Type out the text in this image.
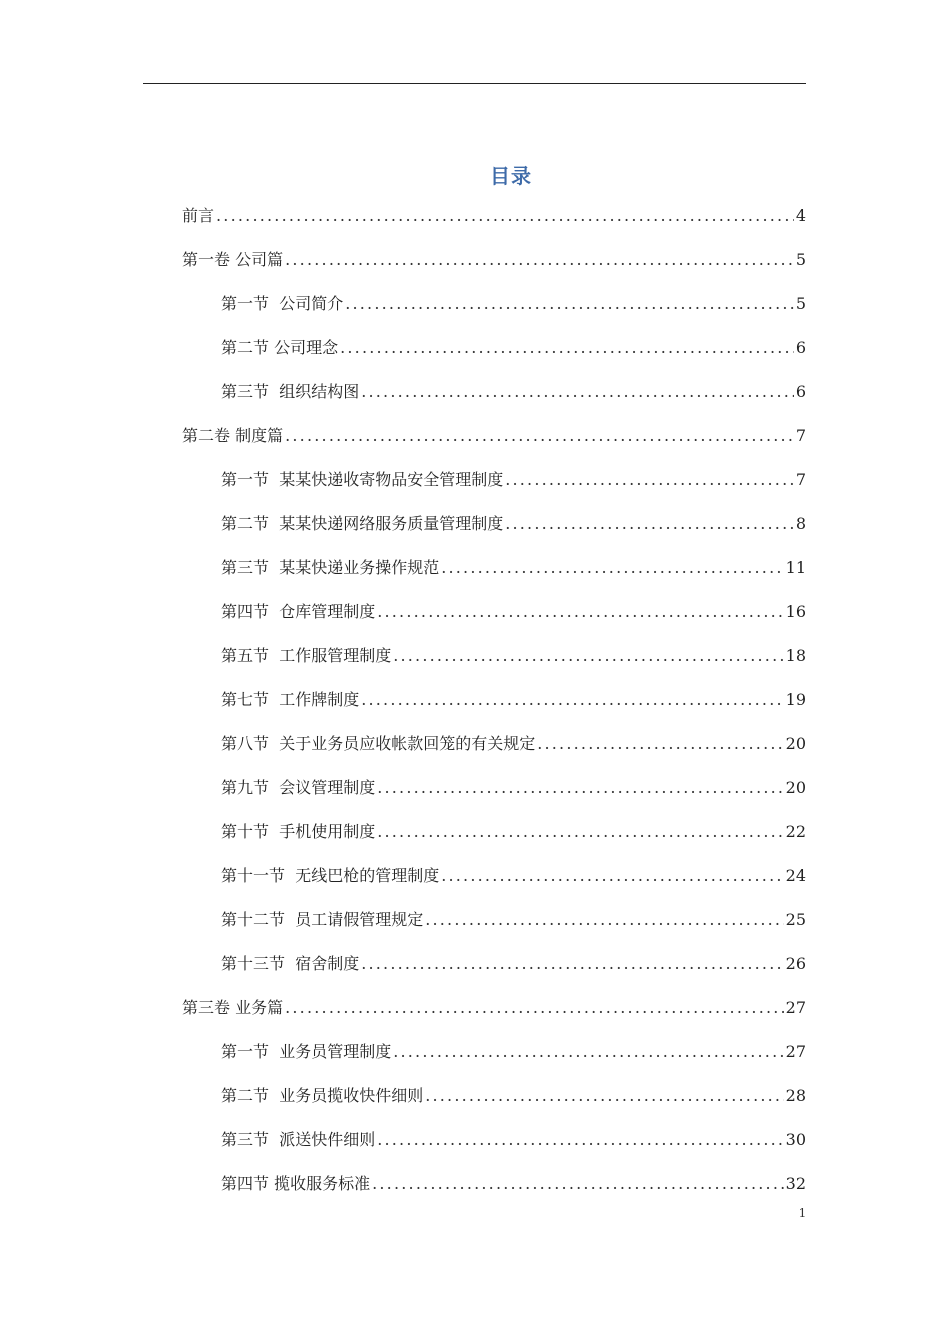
目录
前言 .....	4
第一卷 公司篇 .....	5
第一节 公司简介 .....	5
第二节 公司理念 .....	6
第三节 组织结构图 .....	6
第二卷 制度篇 .....	7
第一节 某某快递收寄物品安全管理制度 .....	7
第二节 某某快递网络服务质量管理制度 .....	8
第三节 某某快递业务操作规范 .....	11
第四节 仓库管理制度 .....	16
第五节 工作服管理制度 .....	18
第七节 工作牌制度 .....	19
第八节 关于业务员应收帐款回笼的有关规定 .....	20
第九节 会议管理制度 .....	20
第十节 手机使用制度 .....	22
第十一节 无线巴枪的管理制度 .....	24
第十二节 员工请假管理规定 .....	25
第十三节 宿舍制度 .....	26
第三卷 业务篇 .....	27
第一节 业务员管理制度 .....	27
第二节 业务员揽收快件细则 .....	28
第三节 派送快件细则 .....	30
第四节 揽收服务标准 .....	32
1
